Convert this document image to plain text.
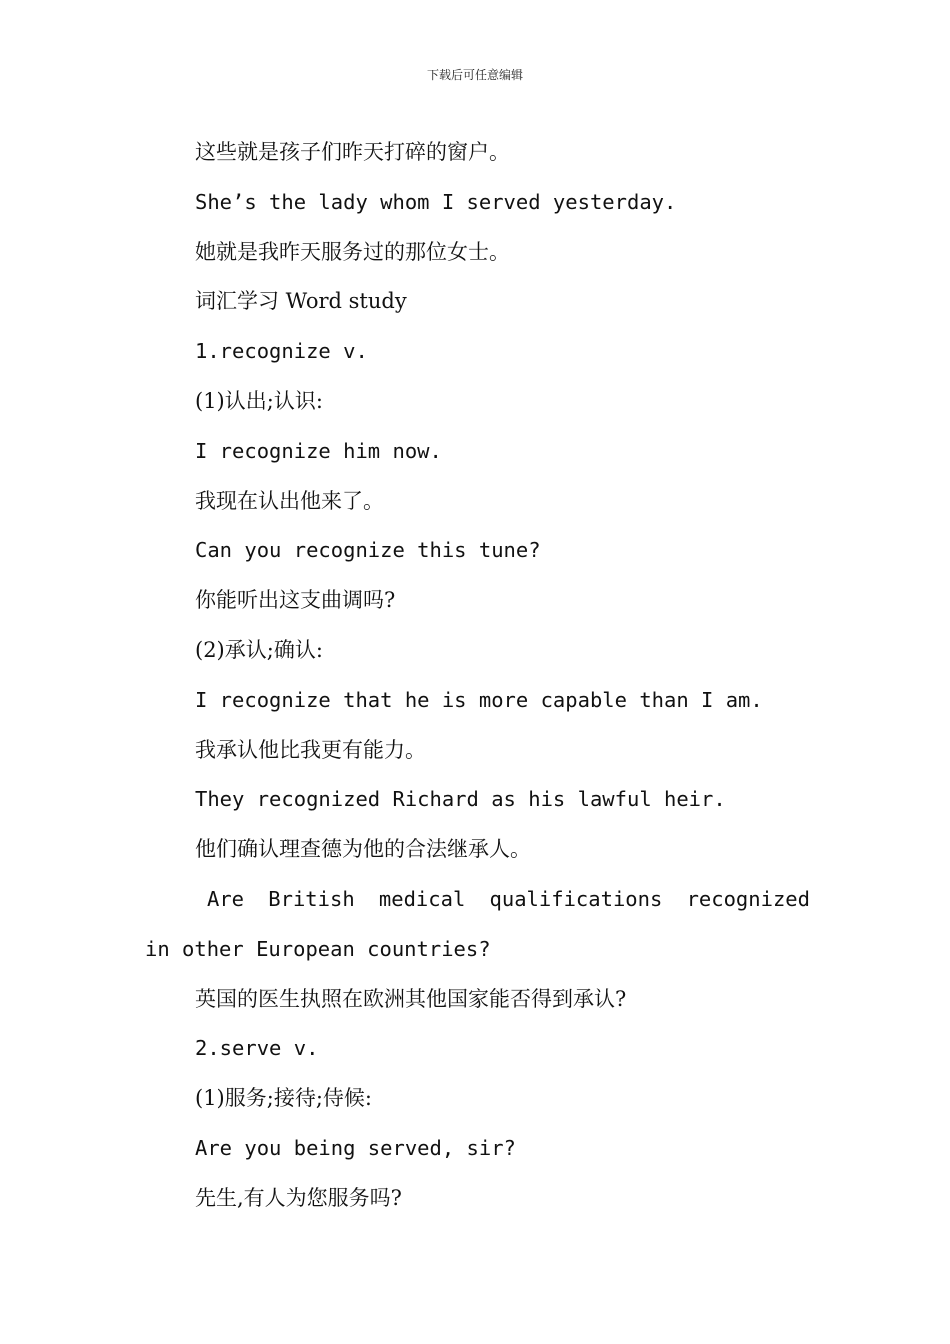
下载后可任意编辑
这些就是孩子们昨天打碎的窗户。
She’s the lady whom I served yesterday.
她就是我昨天服务过的那位女士。
词汇学习 Word study
1.recognize v.
(1)认出;认识:
I recognize him now.
我现在认出他来了。
Can you recognize this tune?
你能听出这支曲调吗?
(2)承认;确认:
I recognize that he is more capable than I am.
我承认他比我更有能力。
They recognized Richard as his lawful heir.
他们确认理查德为他的合法继承人。
Are British medical qualifications recognized
in other European countries?
英国的医生执照在欧洲其他国家能否得到承认?
2.serve v.
(1)服务;接待;侍候:
Are you being served, sir?
先生,有人为您服务吗?
